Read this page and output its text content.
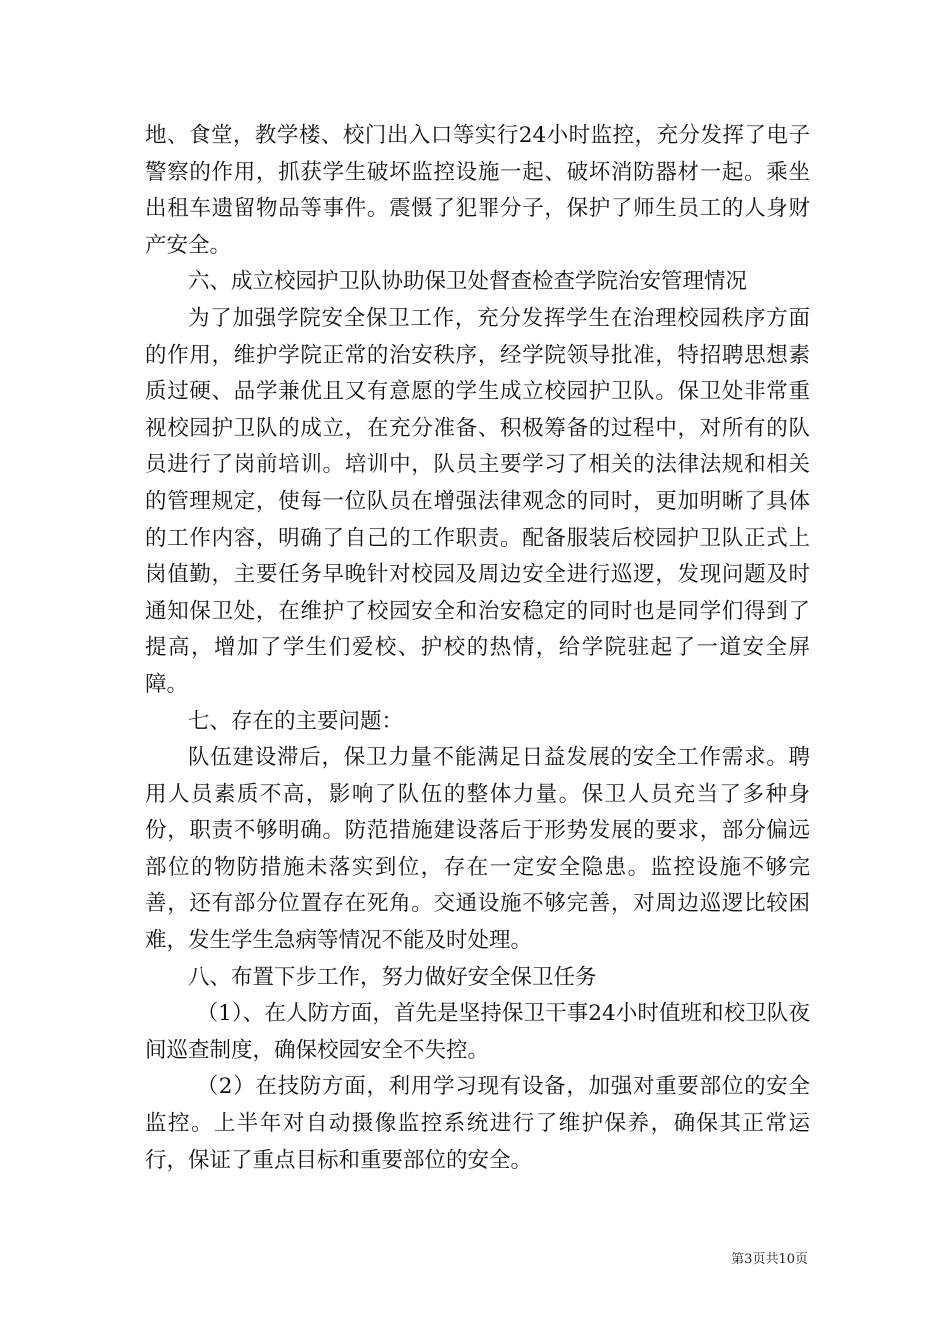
地、食堂，教学楼、校门出入口等实行24小时监控，充分发挥了电子警察的作用，抓获学生破坏监控设施一起、破坏消防器材一起。乘坐出租车遗留物品等事件。震慑了犯罪分子，保护了师生员工的人身财产安全。

六、成立校园护卫队协助保卫处督查检查学院治安管理情况

为了加强学院安全保卫工作，充分发挥学生在治理校园秩序方面的作用，维护学院正常的治安秩序，经学院领导批准，特招聘思想素质过硬、品学兼优且又有意愿的学生成立校园护卫队。保卫处非常重视校园护卫队的成立，在充分准备、积极筹备的过程中，对所有的队员进行了岗前培训。培训中，队员主要学习了相关的法律法规和相关的管理规定，使每一位队员在增强法律观念的同时，更加明晰了具体的工作内容，明确了自己的工作职责。配备服装后校园护卫队正式上岗值勤，主要任务早晚针对校园及周边安全进行巡逻，发现问题及时通知保卫处，在维护了校园安全和治安稳定的同时也是同学们得到了提高，增加了学生们爱校、护校的热情，给学院驻起了一道安全屏障。

七、存在的主要问题：

队伍建设滞后，保卫力量不能满足日益发展的安全工作需求。聘用人员素质不高，影响了队伍的整体力量。保卫人员充当了多种身份，职责不够明确。防范措施建设落后于形势发展的要求，部分偏远部位的物防措施未落实到位，存在一定安全隐患。监控设施不够完善，还有部分位置存在死角。交通设施不够完善，对周边巡逻比较困难，发生学生急病等情况不能及时处理。

八、布置下步工作，努力做好安全保卫任务

（1）、在人防方面，首先是坚持保卫干事24小时值班和校卫队夜间巡查制度，确保校园安全不失控。

（2）在技防方面，利用学习现有设备，加强对重要部位的安全监控。上半年对自动摄像监控系统进行了维护保养，确保其正常运行，保证了重点目标和重要部位的安全。

第3页共10页
